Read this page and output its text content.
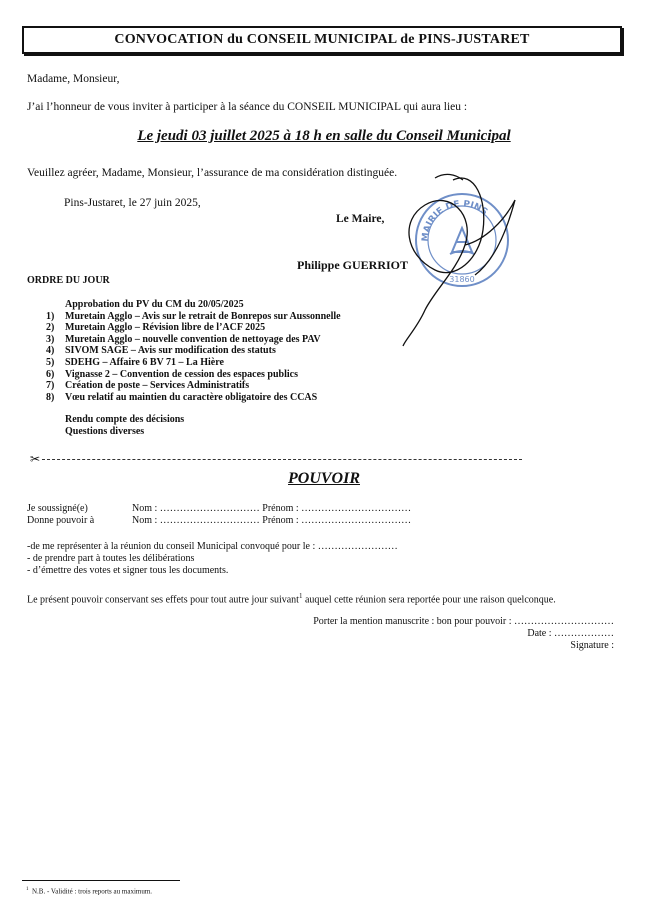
CONVOCATION du CONSEIL MUNICIPAL de PINS-JUSTARET
Madame, Monsieur,
J’ai l’honneur de vous inviter à participer à la séance du CONSEIL MUNICIPAL qui aura lieu :
Le jeudi 03 juillet 2025 à 18 h en salle du Conseil Municipal
Veuillez agréer, Madame, Monsieur, l’assurance de ma considération distinguée.
Pins-Justaret, le 27 juin 2025,
Le Maire,
MAIRIE DE PINS
31860
Philippe GUERRIOT
ORDRE DU JOUR
Approbation du PV du CM du 20/05/2025
1)	Muretain Agglo – Avis sur le retrait de Bonrepos sur Aussonnelle
2)	Muretain Agglo – Révision libre de l’ACF 2025
3)	Muretain Agglo – nouvelle convention de nettoyage des PAV
4)	SIVOM SAGE – Avis sur modification des statuts
5)	SDEHG – Affaire 6 BV 71 – La Hière
6)	Vignasse 2 – Convention de cession des espaces publics
7)	Création de poste – Services Administratifs
8)	Vœu relatif au maintien du caractère obligatoire des CCAS
Rendu compte des décisions
Questions diverses
✂
POUVOIR
Je soussigné(e)	Nom : ………………………… Prénom : ……………………………
Donne pouvoir à	Nom : ………………………… Prénom : ……………………………
-de me représenter à la réunion du conseil Municipal convoqué pour le : ……………………
- de prendre part à toutes les délibérations
- d’émettre des votes et signer tous les documents.
Le présent pouvoir conservant ses effets pour tout autre jour suivant$^1$ auquel cette réunion sera reportée pour une raison quelconque.
Porter la mention manuscrite : bon pour pouvoir : …………………………
Date : ………………
Signature :
$^1$ N.B. - Validité : trois reports au maximum.
